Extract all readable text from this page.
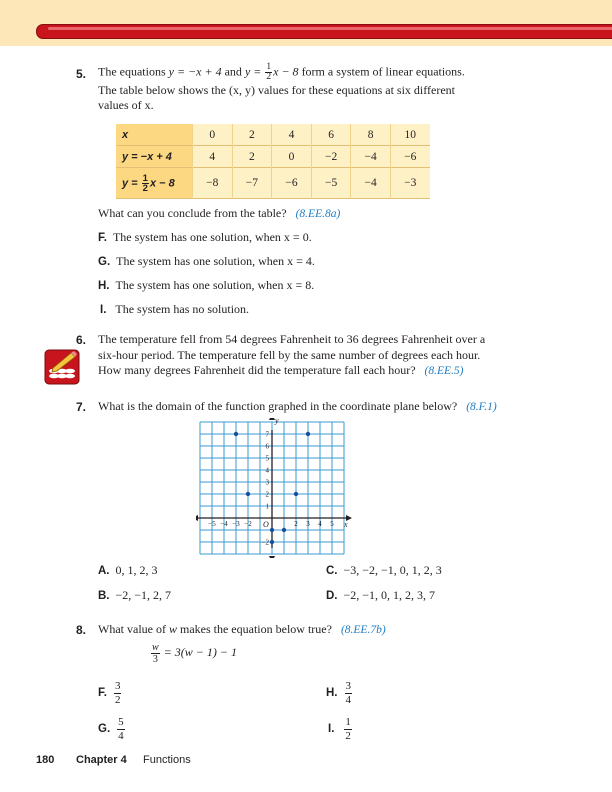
5. The equations y = −x + 4 and $y = \frac{1}{2}$ x − 8 form a system of linear equations.
The table below shows the (x, y) values for these equations at six different
values of x.
x	0	2	4	6	8	10
y = −x + 4	4	2	0	−2	−4	−6
$y = \frac{1}{2}$ x − 8	−8	−7	−6	−5	−4	−3
What can you conclude from the table? (8.EE.8a)
F. The system has one solution, when x = 0.
G. The system has one solution, when x = 4.
H. The system has one solution, when x = 8.
I. The system has no solution.
6. The temperature fell from 54 degrees Fahrenheit to 36 degrees Fahrenheit over a
six-hour period. The temperature fell by the same number of degrees each hour.
How many degrees Fahrenheit did the temperature fall each hour? (8.EE.5)
7. What is the domain of the function graphed in the coordinate plane below? (8.F.1)
−5 −4 −3 −2	2 3 4 5
7
6
5
4
3
2
1
−2
O	x
y
A. 0, 1, 2, 3
B. −2, −1, 2, 7
C. −3, −2, −1, 0, 1, 2, 3
D. −2, −1, 0, 1, 2, 3, 7
8. What value of w makes the equation below true? (8.EE.7b)
$\frac{w}{3} = 3(w - 1) - 1$
F. $\frac{3}{2}$
G. $\frac{5}{4}$
H. $\frac{3}{4}$
I. $\frac{1}{2}$
180 Chapter 4 Functions
